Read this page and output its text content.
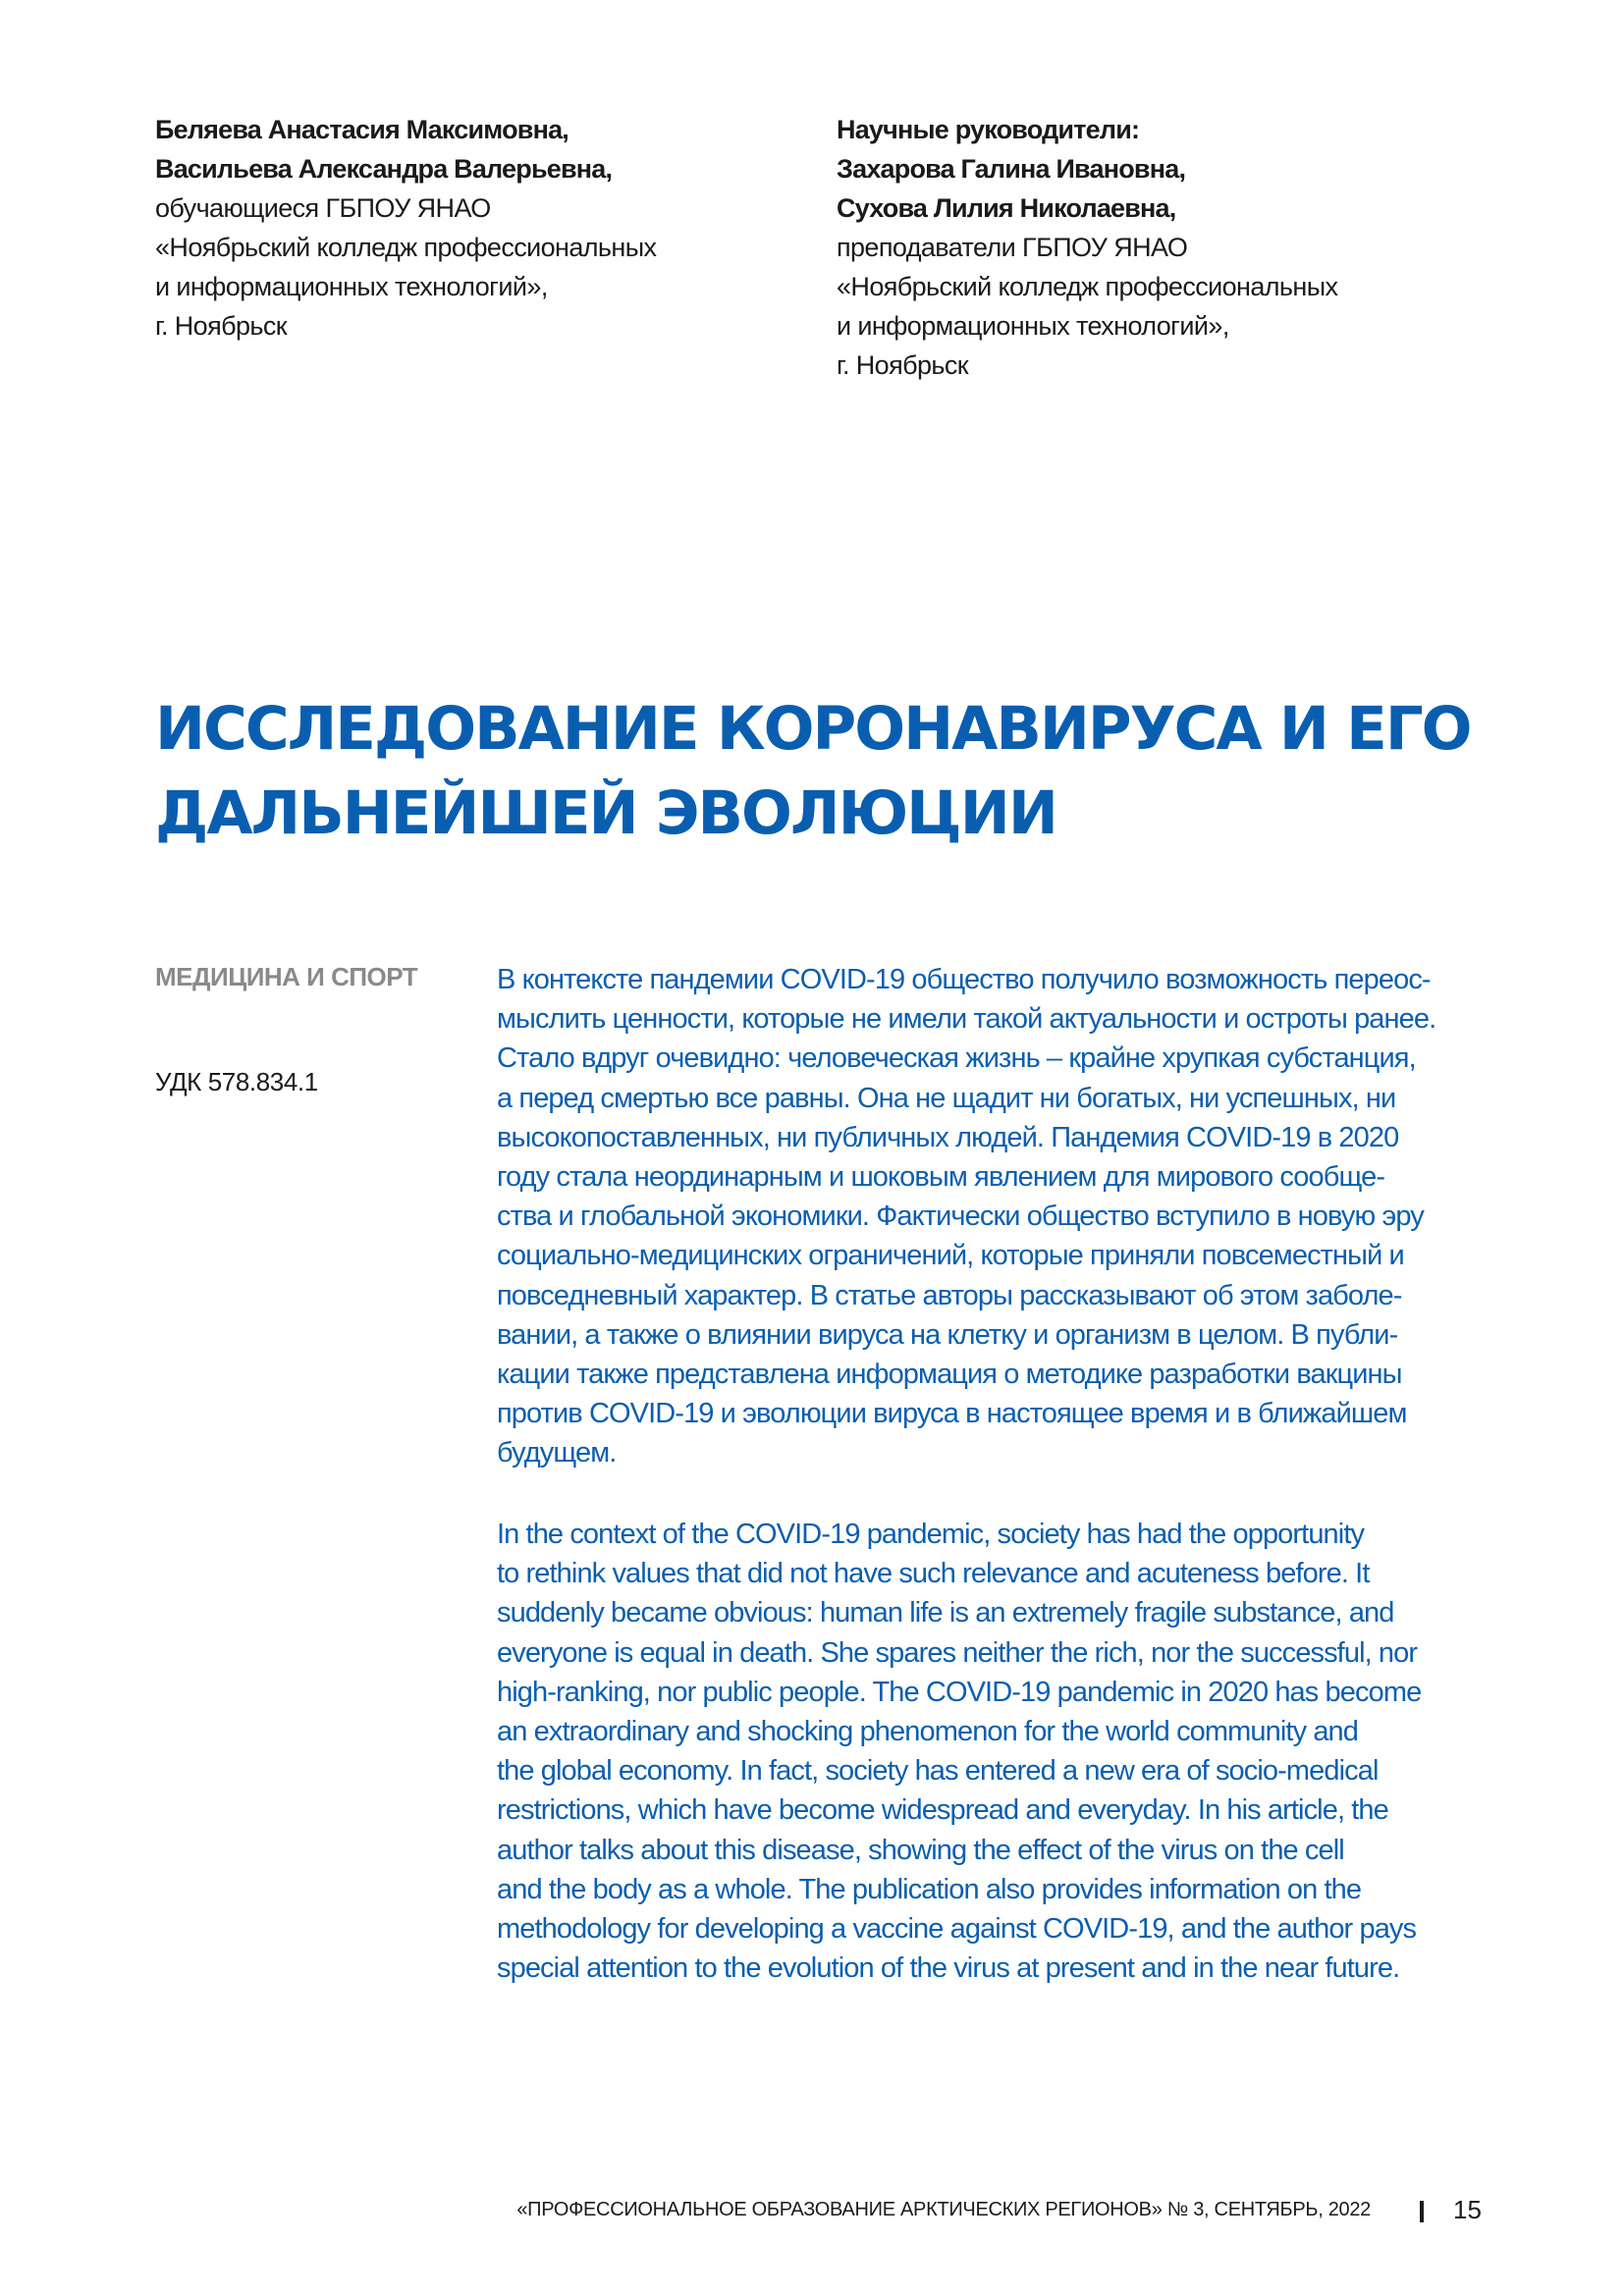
Беляева Анастасия Максимовна,
Васильева Александра Валерьевна,
обучающиеся ГБПОУ ЯНАО
«Ноябрьский колледж профессиональных
и информационных технологий»,
г. Ноябрьск
Научные руководители:
Захарова Галина Ивановна,
Сухова Лилия Николаевна,
преподаватели ГБПОУ ЯНАО
«Ноябрьский колледж профессиональных
и информационных технологий»,
г. Ноябрьск
ИССЛЕДОВАНИЕ КОРОНАВИРУСА И ЕГО
ДАЛЬНЕЙШЕЙ ЭВОЛЮЦИИ
МЕДИЦИНА И СПОРТ
УДК 578.834.1
В контексте пандемии COVID-19 общество получило возможность переос-
мыслить ценности, которые не имели такой актуальности и остроты ранее.
Стало вдруг очевидно: человеческая жизнь – крайне хрупкая субстанция,
а перед смертью все равны. Она не щадит ни богатых, ни успешных, ни
высокопоставленных, ни публичных людей. Пандемия COVID-19 в 2020
году стала неординарным и шоковым явлением для мирового сообще-
ства и глобальной экономики. Фактически общество вступило в новую эру
социально-медицинских ограничений, которые приняли повсеместный и
повседневный характер. В статье авторы рассказывают об этом заболе-
вании, а также о влиянии вируса на клетку и организм в целом. В публи-
кации также представлена информация о методике разработки вакцины
против COVID-19 и эволюции вируса в настоящее время и в ближайшем
будущем.
In the context of the COVID-19 pandemic, society has had the opportunity
to rethink values that did not have such relevance and acuteness before. It
suddenly became obvious: human life is an extremely fragile substance, and
everyone is equal in death. She spares neither the rich, nor the successful, nor
high-ranking, nor public people. The COVID-19 pandemic in 2020 has become
an extraordinary and shocking phenomenon for the world community and
the global economy. In fact, society has entered a new era of socio-medical
restrictions, which have become widespread and everyday. In his article, the
author talks about this disease, showing the effect of the virus on the cell
and the body as a whole. The publication also provides information on the
methodology for developing a vaccine against COVID-19, and the author pays
special attention to the evolution of the virus at present and in the near future.
«ПРОФЕССИОНАЛЬНОЕ ОБРАЗОВАНИЕ АРКТИЧЕСКИХ РЕГИОНОВ» № 3, СЕНТЯБРЬ, 2022	15
